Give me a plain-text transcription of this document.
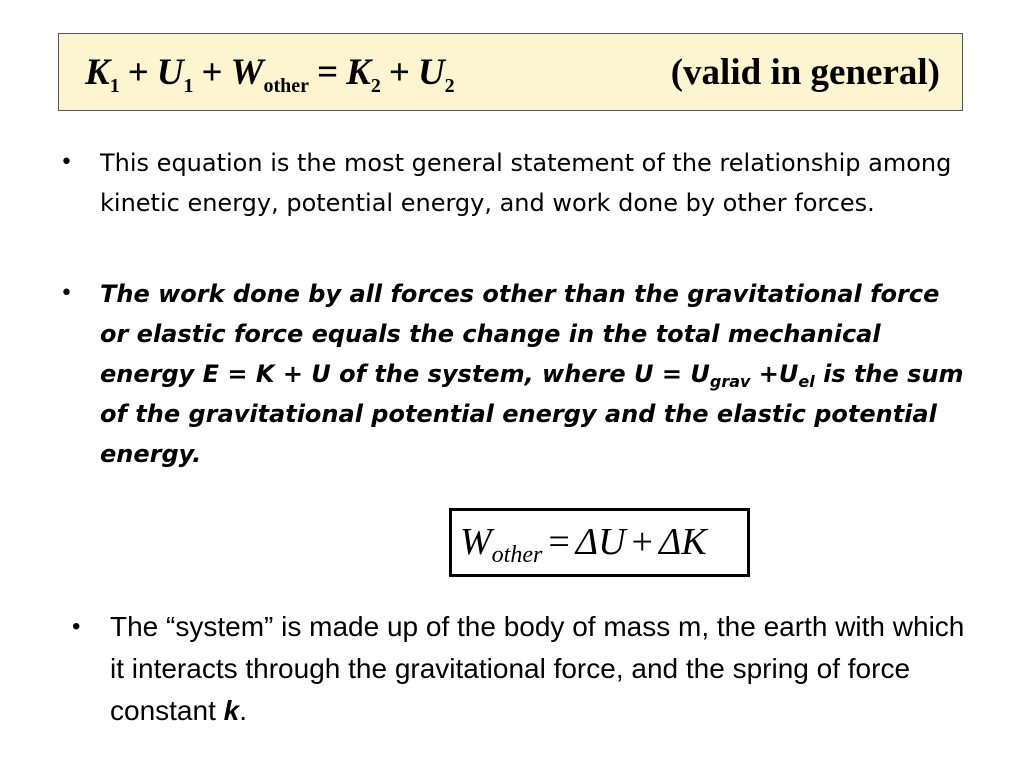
$K_1 + U_1 + W_{other} = K_2 + U_2$	(valid in general)
•	This equation is the most general statement of the relationship among kinetic energy, potential energy, and work done by other forces.
•	The work done by all forces other than the gravitational force or elastic force equals the change in the total mechanical energy E = K + U of the system, where $U = U_{grav} +U_{el}$ is the sum of the gravitational potential energy and the elastic potential energy.
$W_{other} = \Delta U + \Delta K$
•	The “system” is made up of the body of mass m, the earth with which it interacts through the gravitational force, and the spring of force constant k.
